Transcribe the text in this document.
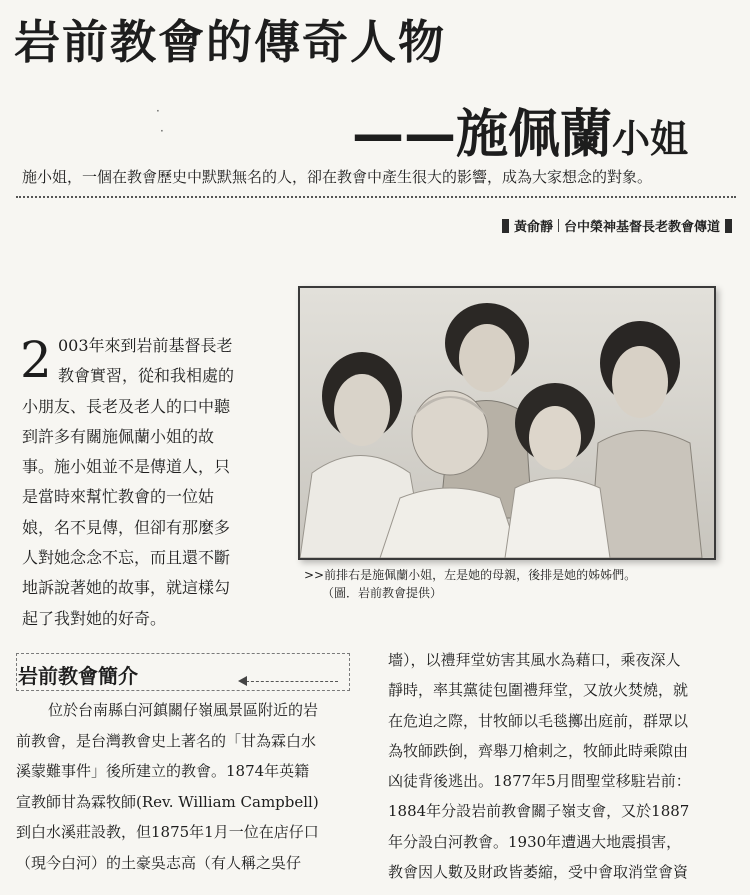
岩前教會的傳奇人物
——施佩蘭小姐
·
·
施小姐，一個在教會歷史中默默無名的人，卻在教會中產生很大的影響，成為大家想念的對象。
黃俞靜 台中榮神基督長老教會傳道
>>前排右是施佩蘭小姐，左是她的母親，後排是她的姊姊們。
（圖．岩前教會提供）
2 003年來到岩前基督長老
教會實習，從和我相處的
小朋友、長老及老人的口中聽
到許多有關施佩蘭小姐的故
事。施小姐並不是傳道人，只
是當時來幫忙教會的一位姑
娘，名不見傳，但卻有那麼多
人對她念念不忘，而且還不斷
地訴說著她的故事，就這樣勾
起了我對她的好奇。
岩前教會簡介
位於台南縣白河鎮關仔嶺風景區附近的岩
前教會，是台灣教會史上著名的「甘為霖白水
溪蒙難事件」後所建立的教會。1874年英籍
宣教師甘為霖牧師(Rev. William Campbell)
到白水溪莊設教，但1875年1月一位在店仔口
（現今白河）的土豪吳志高（有人稱之吳仔
墻），以禮拜堂妨害其風水為藉口，乘夜深人
靜時，率其黨徒包圍禮拜堂，又放火焚燒，就
在危迫之際，甘牧師以毛毯擲出庭前，群眾以
為牧師跌倒，齊舉刀槍刺之，牧師此時乘隙由
凶徒背後逃出。1877年5月間聖堂移駐岩前：
1884年分設岩前教會關子嶺支會，又於1887
年分設白河教會。1930年遭遇大地震損害，
教會因人數及財政皆萎縮，受中會取消堂會資
